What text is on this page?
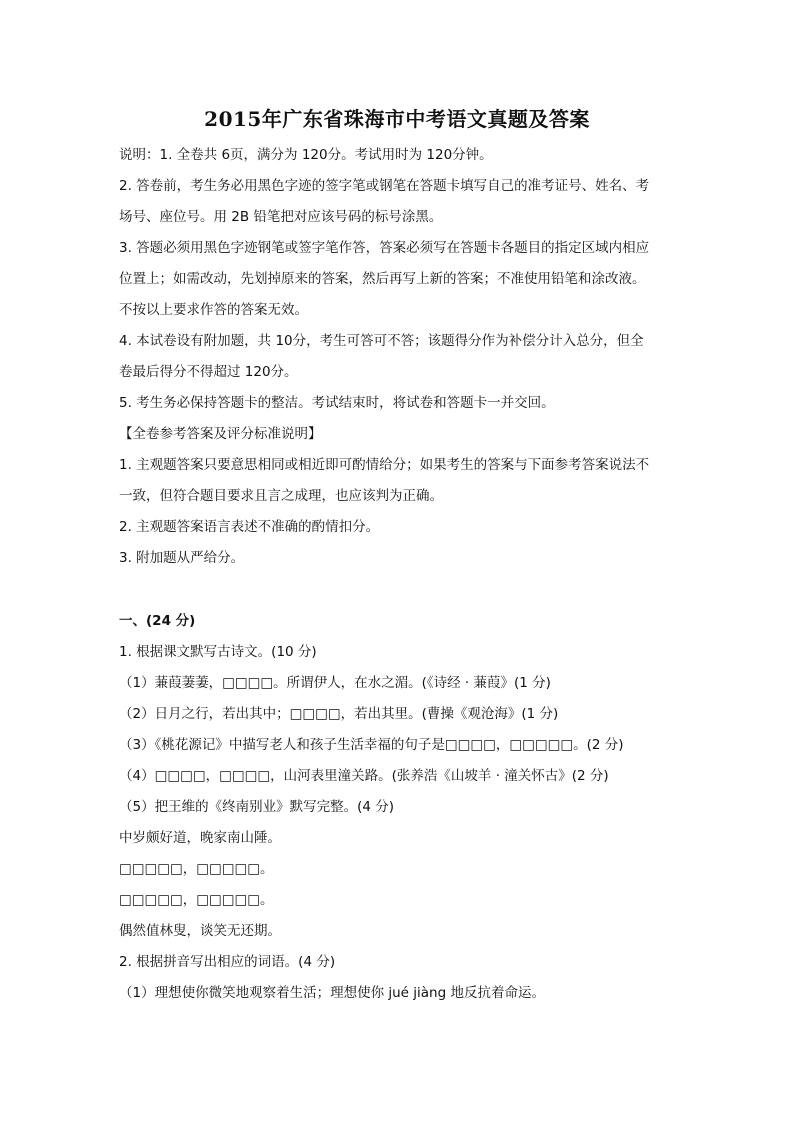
2015年广东省珠海市中考语文真题及答案
说明：1. 全卷共 6页，满分为 120分。考试用时为 120分钟。
2. 答卷前，考生务必用黑色字迹的签字笔或钢笔在答题卡填写自己的准考证号、姓名、考
场号、座位号。用 2B 铅笔把对应该号码的标号涂黑。
3. 答题必须用黑色字迹钢笔或签字笔作答，答案必须写在答题卡各题目的指定区域内相应
位置上；如需改动，先划掉原来的答案，然后再写上新的答案；不准使用铅笔和涂改液。
不按以上要求作答的答案无效。
4. 本试卷设有附加题，共 10分，考生可答可不答；该题得分作为补偿分计入总分，但全
卷最后得分不得超过 120分。
5. 考生务必保持答题卡的整洁。考试结束时，将试卷和答题卡一并交回。
【全卷参考答案及评分标准说明】
1. 主观题答案只要意思相同或相近即可酌情给分；如果考生的答案与下面参考答案说法不
一致，但符合题目要求且言之成理，也应该判为正确。
2. 主观题答案语言表述不准确的酌情扣分。
3. 附加题从严给分。
一、(24 分)
1. 根据课文默写古诗文。(10 分)
（1）蒹葭萋萋，□□□□。所谓伊人，在水之湄。(《诗经 · 蒹葭》(1 分)
（2）日月之行，若出其中；□□□□，若出其里。(曹操《观沧海》(1 分)
（3）《桃花源记》中描写老人和孩子生活幸福的句子是□□□□，□□□□□。(2 分)
（4）□□□□，□□□□，山河表里潼关路。(张养浩《山坡羊 · 潼关怀古》(2 分)
（5）把王维的《终南别业》默写完整。(4 分)
中岁颇好道，晚家南山陲。
□□□□□，□□□□□。
□□□□□，□□□□□。
偶然值林叟，谈笑无还期。
2. 根据拼音写出相应的词语。(4 分)
（1）理想使你微笑地观察着生活；理想使你 jué jiàng 地反抗着命运。
